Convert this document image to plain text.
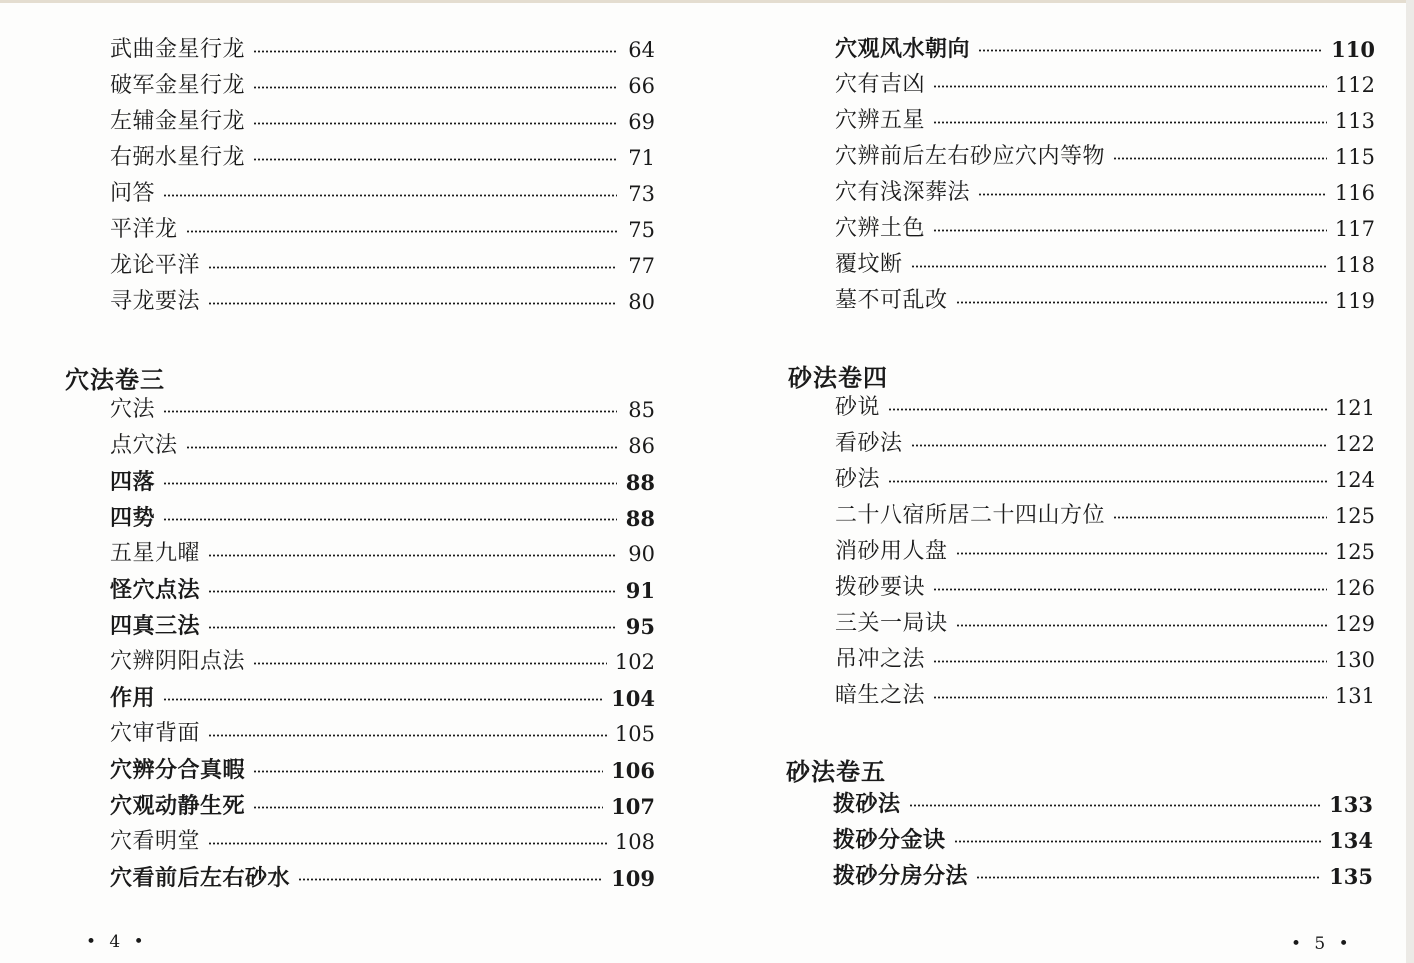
武曲金星行龙	64
破军金星行龙	66
左辅金星行龙	69
右弼水星行龙	71
问答	73
平洋龙	75
龙论平洋	77
寻龙要法	80
穴法卷三
穴法	85
点穴法	86
四落	88
四势	88
五星九曜	90
怪穴点法	91
四真三法	95
穴辨阴阳点法	102
作用	104
穴审背面	105
穴辨分合真暇	106
穴观动静生死	107
穴看明堂	108
穴看前后左右砂水	109
• 4 •
穴观风水朝向	110
穴有吉凶	112
穴辨五星	113
穴辨前后左右砂应穴内等物	115
穴有浅深葬法	116
穴辨土色	117
覆坟断	118
墓不可乱改	119
砂法卷四
砂说	121
看砂法	122
砂法	124
二十八宿所居二十四山方位	125
消砂用人盘	125
拨砂要诀	126
三关一局诀	129
吊冲之法	130
暗生之法	131
砂法卷五
拨砂法	133
拨砂分金诀	134
拨砂分房分法	135
• 5 •
